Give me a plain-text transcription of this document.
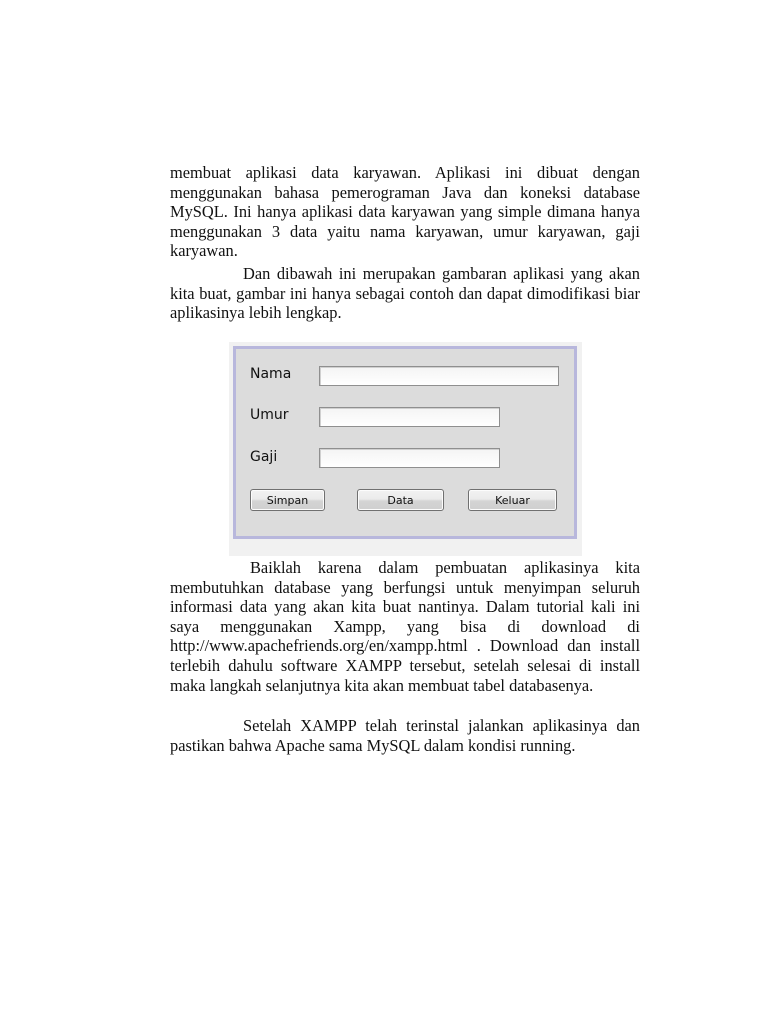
membuat aplikasi data karyawan. Aplikasi ini dibuat dengan menggunakan bahasa pemerograman Java dan koneksi database MySQL. Ini hanya aplikasi data karyawan yang simple dimana hanya menggunakan 3 data yaitu nama karyawan, umur karyawan, gaji karyawan.

Dan dibawah ini merupakan gambaran aplikasi yang akan kita buat, gambar ini hanya sebagai contoh dan dapat dimodifikasi biar aplikasinya lebih lengkap.

Nama
Umur
Gaji
Simpan	Data	Keluar

Baiklah karena dalam pembuatan aplikasinya kita membutuhkan database yang berfungsi untuk menyimpan seluruh informasi data yang akan kita buat nantinya. Dalam tutorial kali ini saya menggunakan Xampp, yang bisa di download di http://www.apachefriends.org/en/xampp.html . Download dan install terlebih dahulu software XAMPP tersebut, setelah selesai di install maka langkah selanjutnya kita akan membuat tabel databasenya.

Setelah XAMPP telah terinstal jalankan aplikasinya dan pastikan bahwa Apache sama MySQL dalam kondisi running.
